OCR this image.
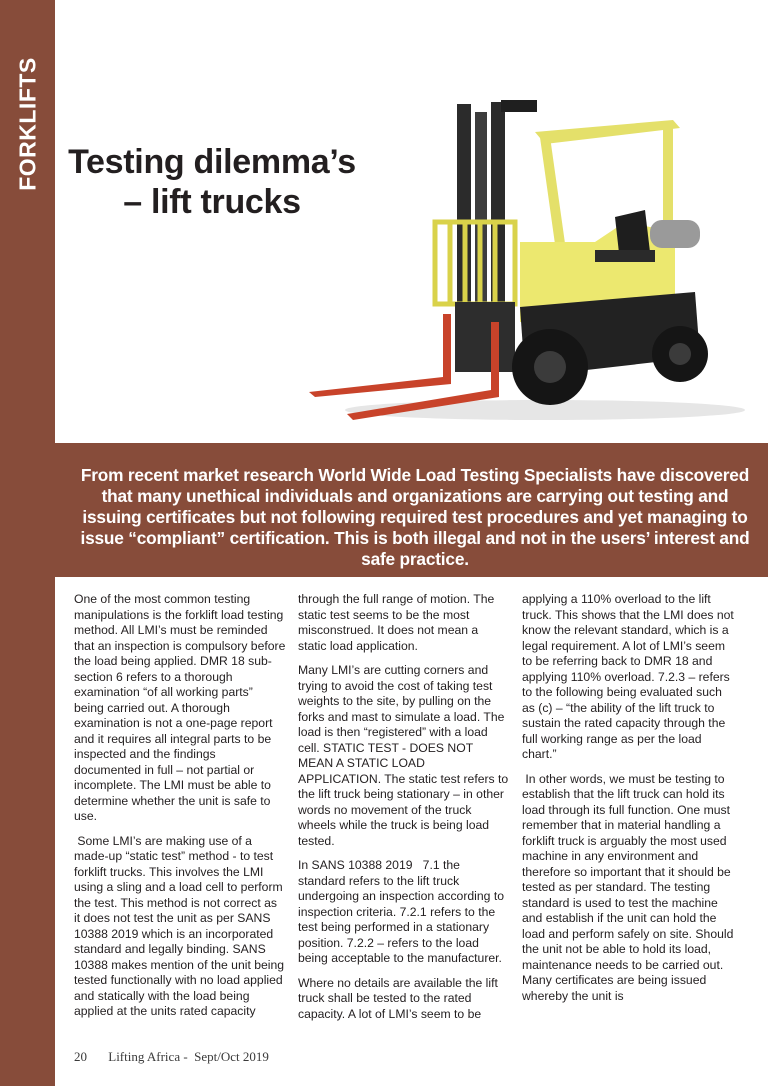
FORKLIFTS Testing dilemma’s
– lift trucks

From recent market research World Wide Load Testing Specialists have discovered that many unethical individuals and organizations are carrying out testing and issuing certificates but not following required test procedures and yet managing to issue “compliant” certification. This is both illegal and not in the users’ interest and safe practice.

One of the most common testing manipulations is the forklift load testing method. All LMI’s must be reminded that an inspection is compulsory before the load being applied. DMR 18 sub-section 6 refers to a thorough examination “of all working parts” being carried out. A thorough examination is not a one-page report and it requires all integral parts to be inspected and the findings documented in full – not partial or incomplete. The LMI must be able to determine whether the unit is safe to use.

Some LMI’s are making use of a made-up “static test” method - to test forklift trucks. This involves the LMI using a sling and a load cell to perform the test. This method is not correct as it does not test the unit as per SANS 10388 2019 which is an incorporated standard and legally binding. SANS 10388 makes mention of the unit being tested functionally with no load applied and statically with the load being applied at the units rated capacity

through the full range of motion. The static test seems to be the most misconstrued. It does not mean a static load application.

Many LMI’s are cutting corners and trying to avoid the cost of taking test weights to the site, by pulling on the forks and mast to simulate a load. The load is then “registered” with a load cell. STATIC TEST - DOES NOT MEAN A STATIC LOAD APPLICATION. The static test refers to the lift truck being stationary – in other words no movement of the truck wheels while the truck is being load tested.

In SANS 10388 2019   7.1 the standard refers to the lift truck undergoing an inspection according to inspection criteria. 7.2.1 refers to the test being performed in a stationary position. 7.2.2 – refers to the load being acceptable to the manufacturer.

Where no details are available the lift truck shall be tested to the rated capacity. A lot of LMI’s seem to be

applying a 110% overload to the lift truck. This shows that the LMI does not know the relevant standard, which is a legal requirement. A lot of LMI’s seem to be referring back to DMR 18 and applying 110% overload. 7.2.3 – refers to the following being evaluated such as (c) – “the ability of the lift truck to sustain the rated capacity through the full working range as per the load chart.”

In other words, we must be testing to establish that the lift truck can hold its load through its full function. One must remember that in material handling a forklift truck is arguably the most used machine in any environment and therefore so important that it should be tested as per standard. The testing standard is used to test the machine and establish if the unit can hold the load and perform safely on site. Should the unit not be able to hold its load, maintenance needs to be carried out. Many certificates are being issued whereby the unit is

20 Lifting Africa -  Sept/Oct 2019
